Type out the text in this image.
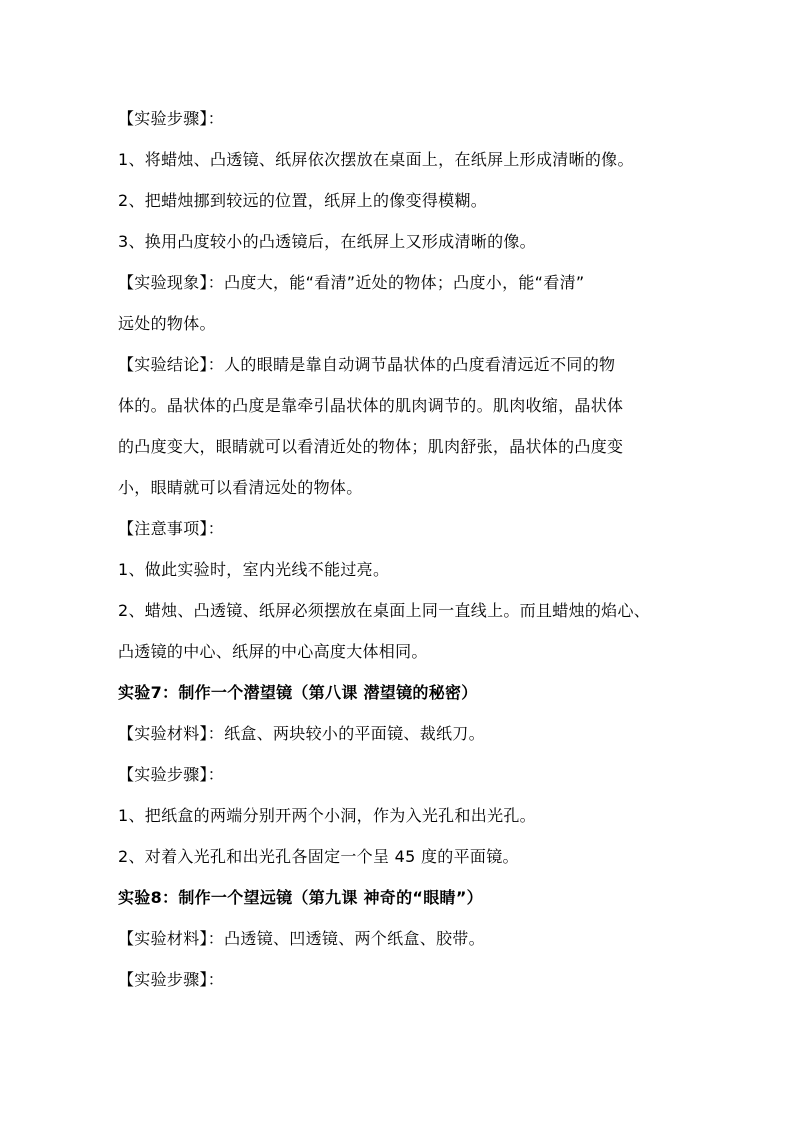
【实验步骤】：
1、将蜡烛、凸透镜、纸屏依次摆放在桌面上，在纸屏上形成清晰的像。
2、把蜡烛挪到较远的位置，纸屏上的像变得模糊。
3、换用凸度较小的凸透镜后，在纸屏上又形成清晰的像。
【实验现象】：凸度大，能“看清”近处的物体；凸度小，能“看清”
远处的物体。
【实验结论】：人的眼睛是靠自动调节晶状体的凸度看清远近不同的物
体的。晶状体的凸度是靠牵引晶状体的肌肉调节的。肌肉收缩，晶状体
的凸度变大，眼睛就可以看清近处的物体；肌肉舒张，晶状体的凸度变
小，眼睛就可以看清远处的物体。
【注意事项】：
1、做此实验时，室内光线不能过亮。
2、蜡烛、凸透镜、纸屏必须摆放在桌面上同一直线上。而且蜡烛的焰心、
凸透镜的中心、纸屏的中心高度大体相同。
实验7：制作一个潜望镜（第八课 潜望镜的秘密）
【实验材料】：纸盒、两块较小的平面镜、裁纸刀。
【实验步骤】：
1、把纸盒的两端分别开两个小洞，作为入光孔和出光孔。
2、对着入光孔和出光孔各固定一个呈 45 度的平面镜。
实验8：制作一个望远镜（第九课 神奇的“眼睛”）
【实验材料】：凸透镜、凹透镜、两个纸盒、胶带。
【实验步骤】：
